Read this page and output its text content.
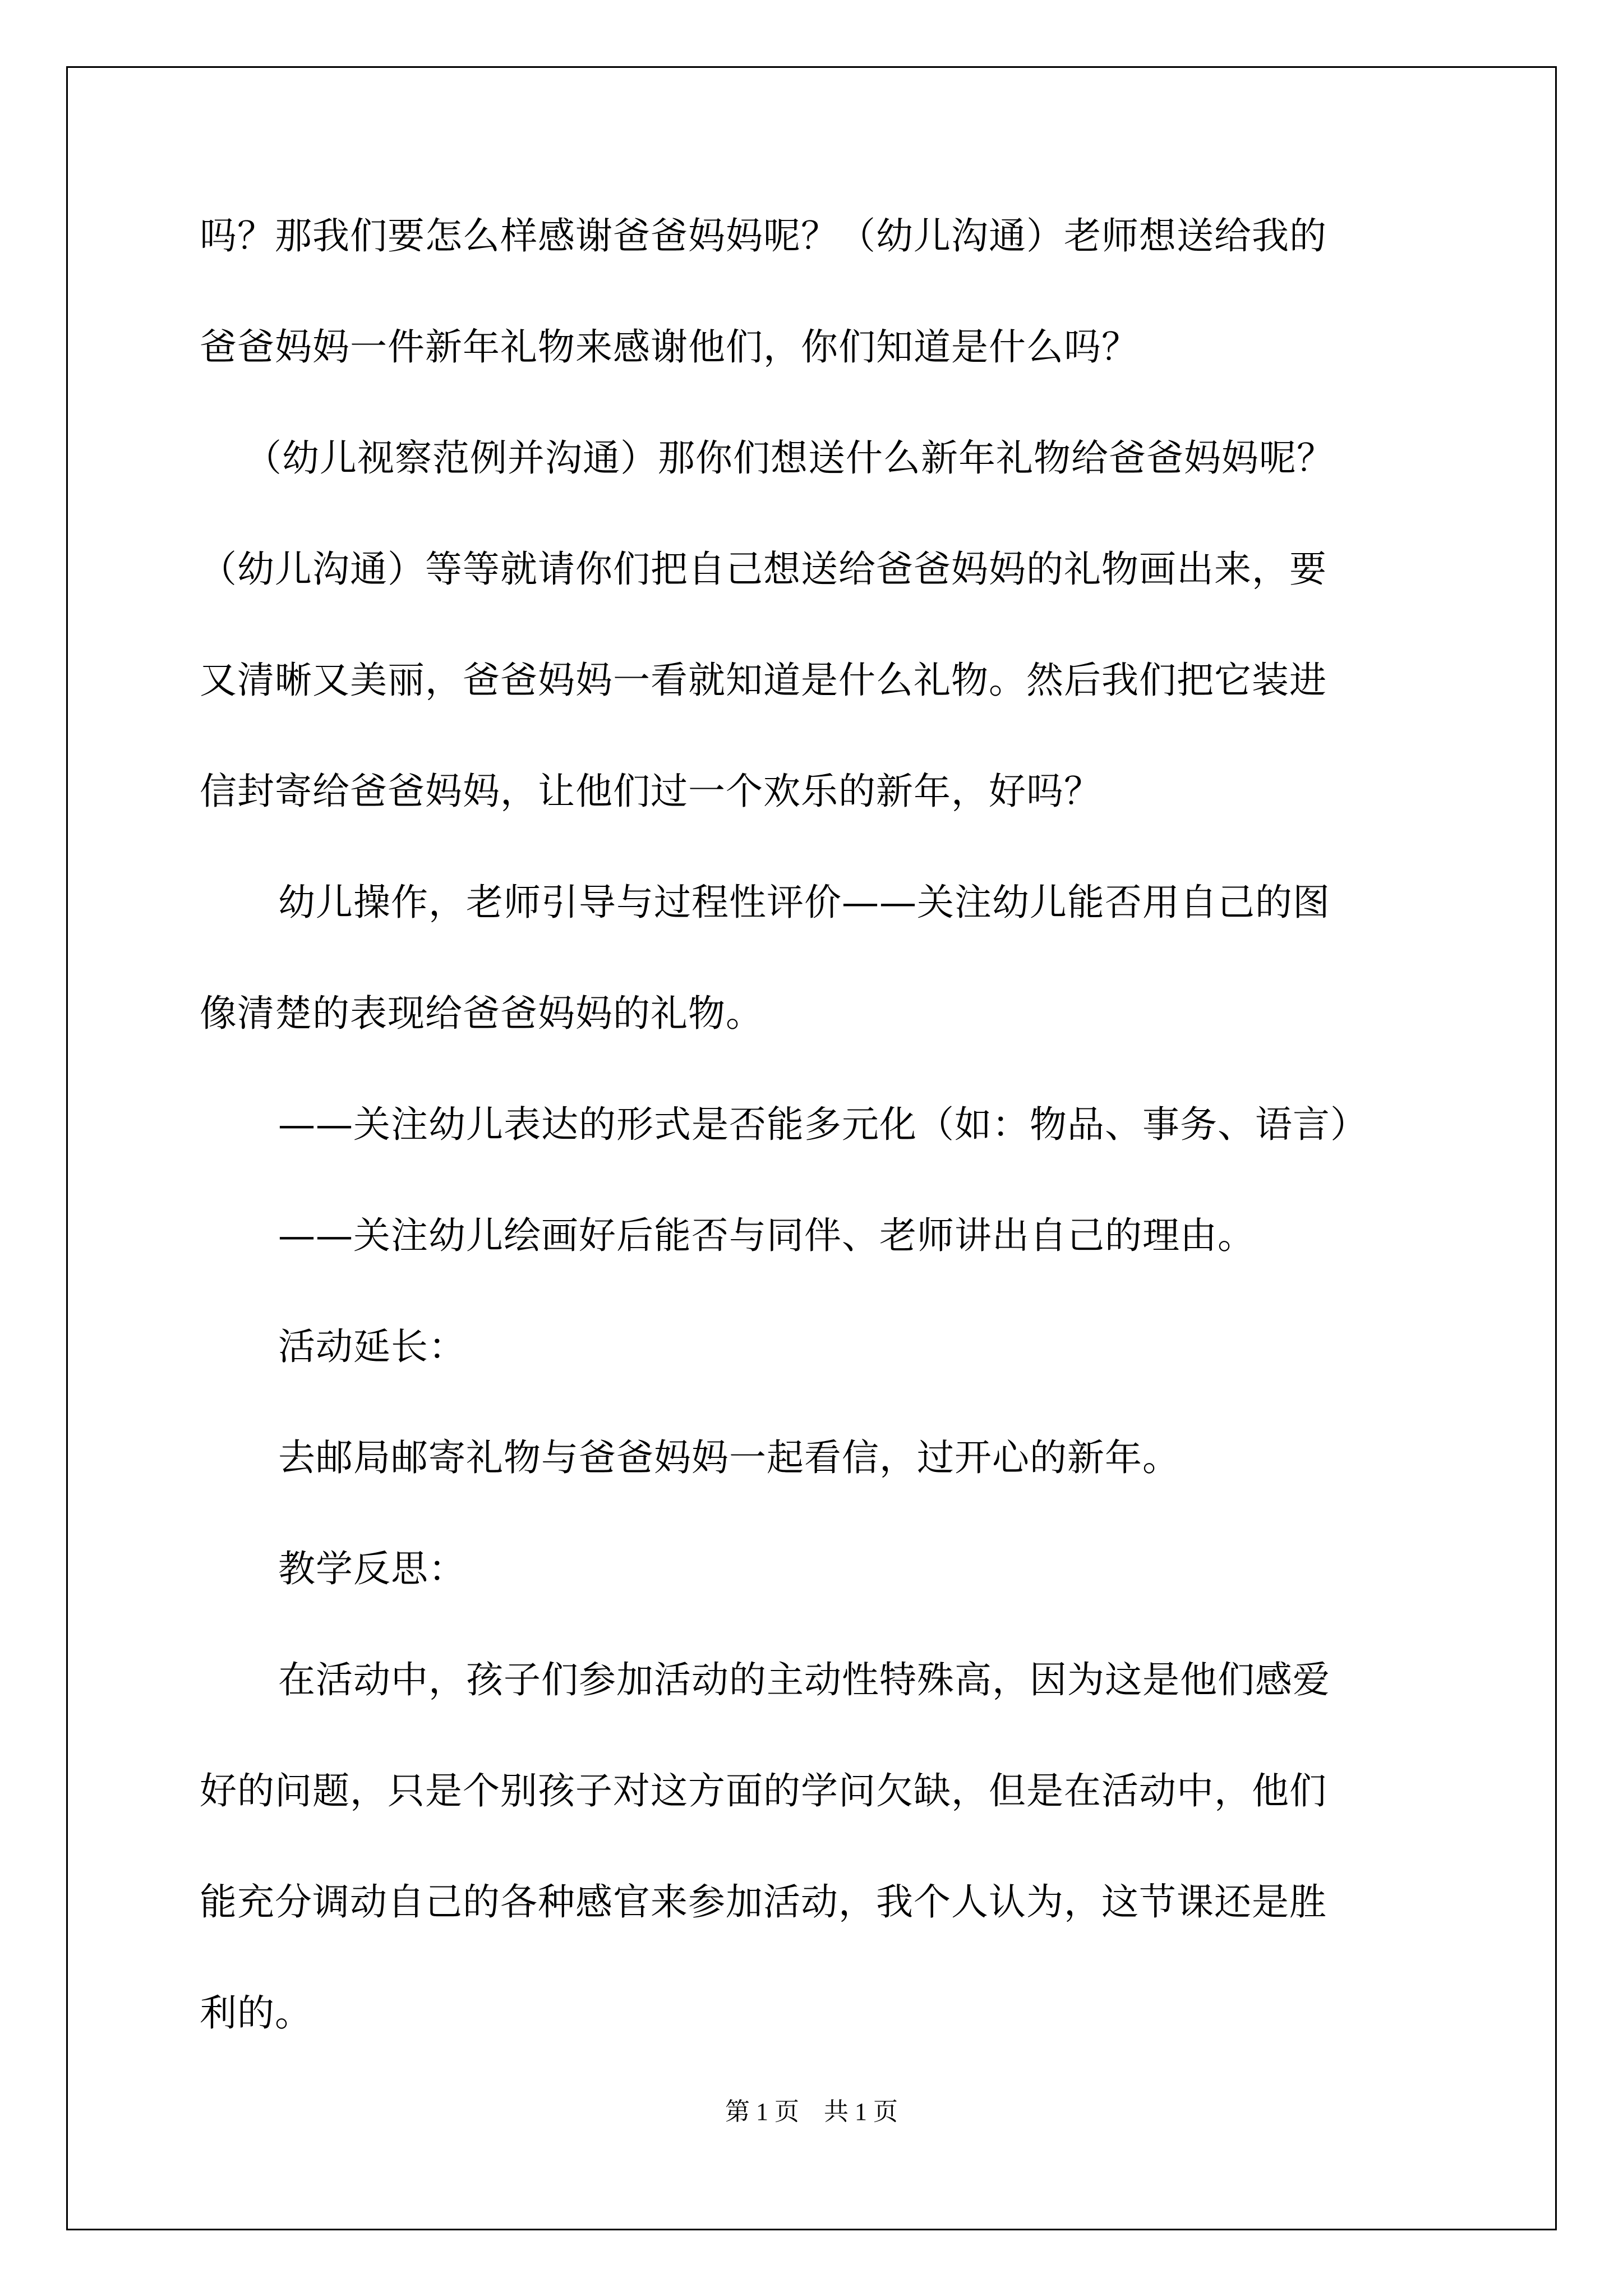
吗？那我们要怎么样感谢爸爸妈妈呢？（幼儿沟通）老师想送给我的

爸爸妈妈一件新年礼物来感谢他们，你们知道是什么吗？

（幼儿视察范例并沟通）那你们想送什么新年礼物给爸爸妈妈呢？

（幼儿沟通）等等就请你们把自己想送给爸爸妈妈的礼物画出来，要

又清晰又美丽，爸爸妈妈一看就知道是什么礼物。然后我们把它装进

信封寄给爸爸妈妈，让他们过一个欢乐的新年，好吗？

幼儿操作，老师引导与过程性评价——关注幼儿能否用自己的图

像清楚的表现给爸爸妈妈的礼物。

——关注幼儿表达的形式是否能多元化（如：物品、事务、语言）

——关注幼儿绘画好后能否与同伴、老师讲出自己的理由。

活动延长：

去邮局邮寄礼物与爸爸妈妈一起看信，过开心的新年。

教学反思：

在活动中，孩子们参加活动的主动性特殊高，因为这是他们感爱

好的问题，只是个别孩子对这方面的学问欠缺，但是在活动中，他们

能充分调动自己的各种感官来参加活动，我个人认为，这节课还是胜

利的。

第 1 页　共 1 页
